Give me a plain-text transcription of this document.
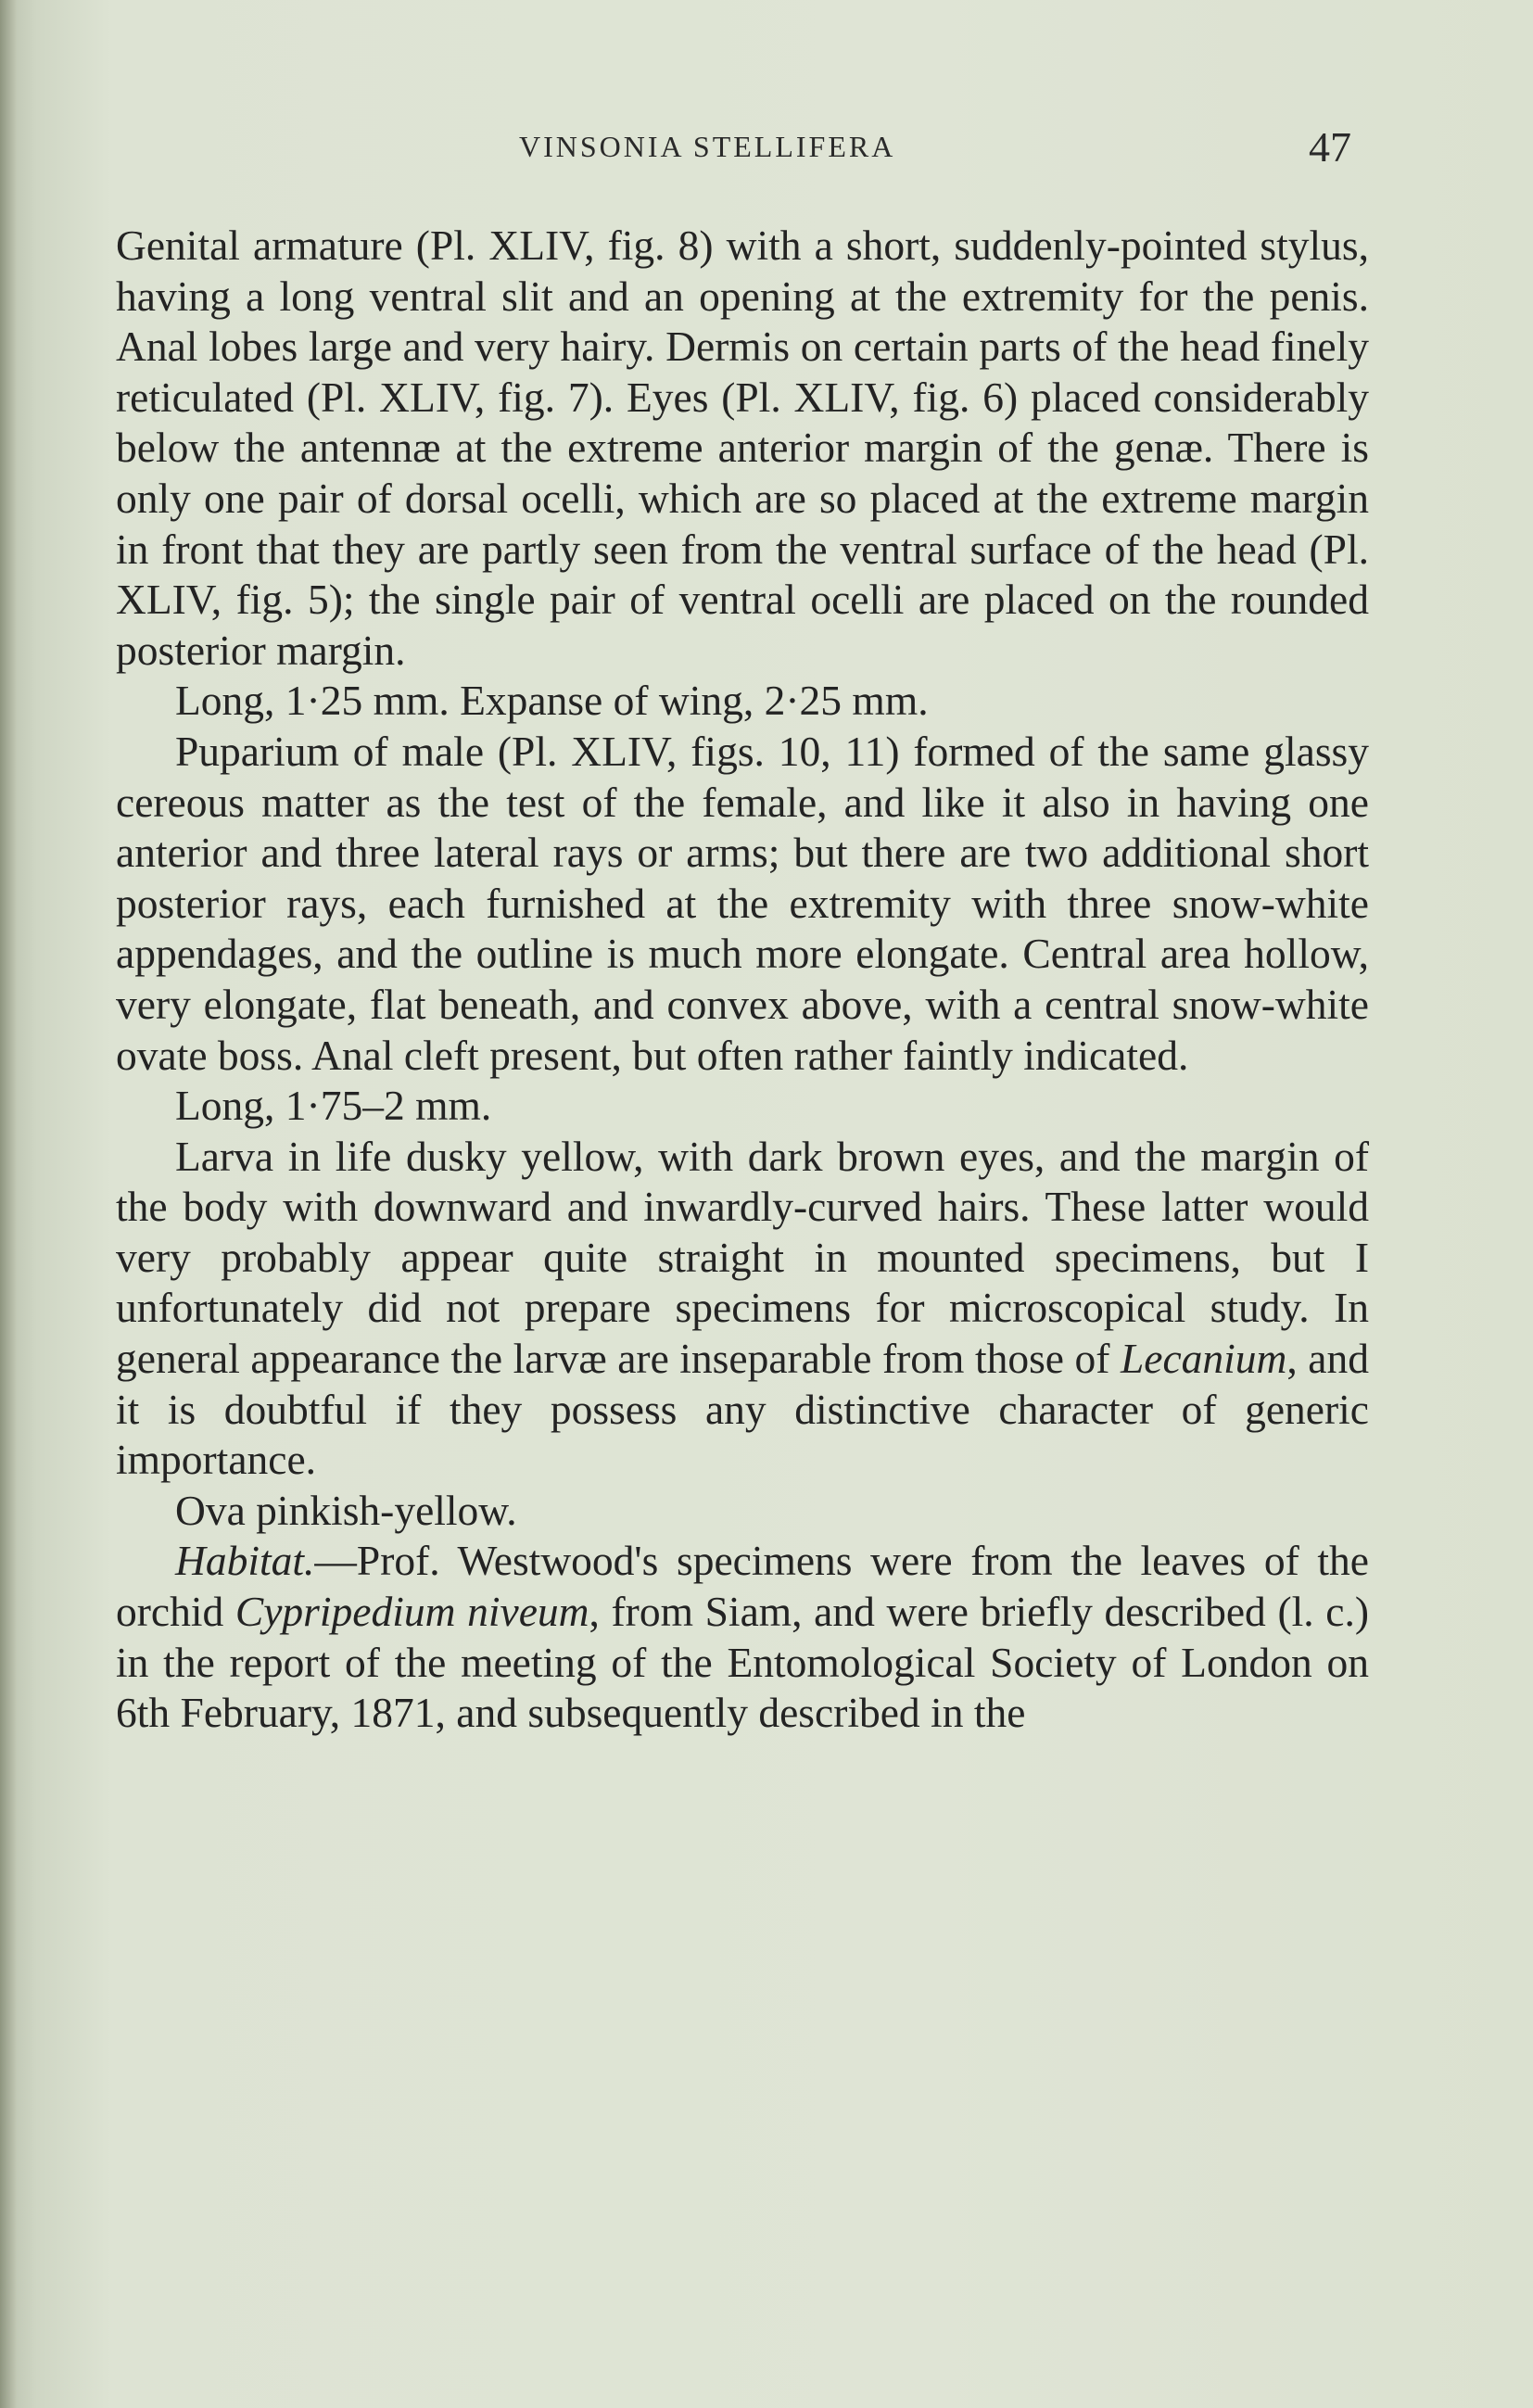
VINSONIA STELLIFERA	47

Genital armature (Pl. XLIV, fig. 8) with a short, suddenly-pointed stylus, having a long ventral slit and an opening at the extremity for the penis. Anal lobes large and very hairy. Dermis on certain parts of the head finely reticulated (Pl. XLIV, fig. 7). Eyes (Pl. XLIV, fig. 6) placed considerably below the antennæ at the extreme anterior margin of the genæ. There is only one pair of dorsal ocelli, which are so placed at the extreme margin in front that they are partly seen from the ventral surface of the head (Pl. XLIV, fig. 5); the single pair of ventral ocelli are placed on the rounded posterior margin.

Long, 1·25 mm. Expanse of wing, 2·25 mm.

Puparium of male (Pl. XLIV, figs. 10, 11) formed of the same glassy cereous matter as the test of the female, and like it also in having one anterior and three lateral rays or arms; but there are two additional short posterior rays, each furnished at the extremity with three snow-white appendages, and the outline is much more elongate. Central area hollow, very elongate, flat beneath, and convex above, with a central snow-white ovate boss. Anal cleft present, but often rather faintly indicated.

Long, 1·75–2 mm.

Larva in life dusky yellow, with dark brown eyes, and the margin of the body with downward and inwardly-curved hairs. These latter would very probably appear quite straight in mounted specimens, but I unfortunately did not prepare specimens for microscopical study. In general appearance the larvæ are inseparable from those of Lecanium, and it is doubtful if they possess any distinctive character of generic importance.

Ova pinkish-yellow.

Habitat.—Prof. Westwood's specimens were from the leaves of the orchid Cypripedium niveum, from Siam, and were briefly described (l. c.) in the report of the meeting of the Entomological Society of London on 6th February, 1871, and subsequently described in the
